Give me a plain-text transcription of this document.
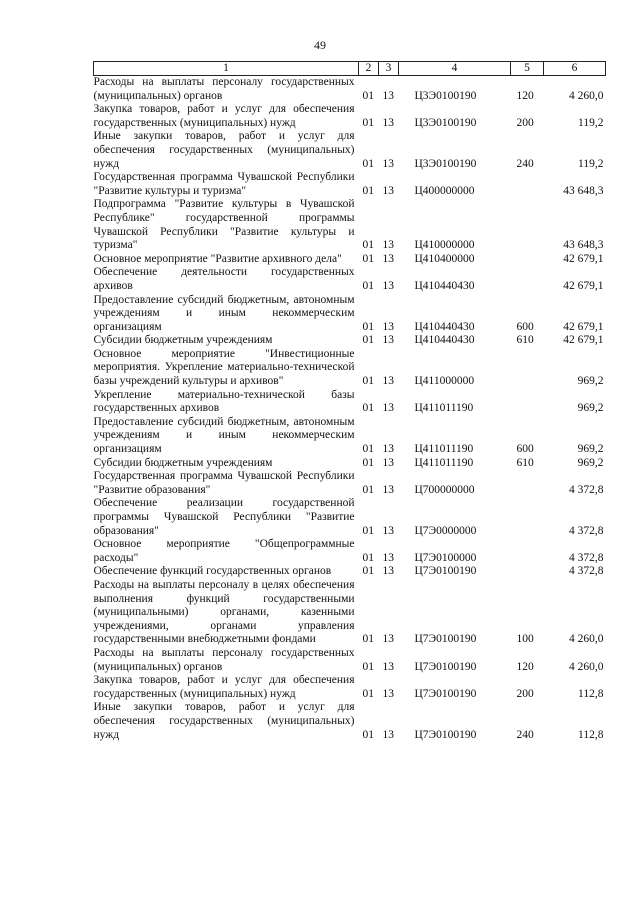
49
1	2	3	4	5	6
Расходы на выплаты персоналу государственных (муниципальных) органов	01	13	Ц3Э0100190	120	4 260,0
Закупка товаров, работ и услуг для обеспечения государственных (муниципальных) нужд	01	13	Ц3Э0100190	200	119,2
Иные закупки товаров, работ и услуг для обеспечения государственных (муниципальных) нужд	01	13	Ц3Э0100190	240	119,2
Государственная программа Чувашской Республики "Развитие культуры и туризма"	01	13	Ц400000000		43 648,3
Подпрограмма "Развитие культуры в Чувашской Республике" государственной программы Чувашской Республики "Развитие культуры и туризма"	01	13	Ц410000000		43 648,3
Основное мероприятие "Развитие архивного дела"	01	13	Ц410400000		42 679,1
Обеспечение деятельности государственных архивов	01	13	Ц410440430		42 679,1
Предоставление субсидий бюджетным, автономным учреждениям и иным некоммерческим организациям	01	13	Ц410440430	600	42 679,1
Субсидии бюджетным учреждениям	01	13	Ц410440430	610	42 679,1
Основное мероприятие "Инвестиционные мероприятия. Укрепление материально-технической базы учреждений культуры и архивов"	01	13	Ц411000000		969,2
Укрепление материально-технической базы государственных архивов	01	13	Ц411011190		969,2
Предоставление субсидий бюджетным, автономным учреждениям и иным некоммерческим организациям	01	13	Ц411011190	600	969,2
Субсидии бюджетным учреждениям	01	13	Ц411011190	610	969,2
Государственная программа Чувашской Республики "Развитие образования"	01	13	Ц700000000		4 372,8
Обеспечение реализации государственной программы Чувашской Республики "Развитие образования"	01	13	Ц7Э0000000		4 372,8
Основное мероприятие "Общепрограммные расходы"	01	13	Ц7Э0100000		4 372,8
Обеспечение функций государственных органов	01	13	Ц7Э0100190		4 372,8
Расходы на выплаты персоналу в целях обеспечения выполнения функций государственными (муниципальными) органами, казенными учреждениями, органами управления государственными внебюджетными фондами	01	13	Ц7Э0100190	100	4 260,0
Расходы на выплаты персоналу государственных (муниципальных) органов	01	13	Ц7Э0100190	120	4 260,0
Закупка товаров, работ и услуг для обеспечения государственных (муниципальных) нужд	01	13	Ц7Э0100190	200	112,8
Иные закупки товаров, работ и услуг для обеспечения государственных (муниципальных) нужд	01	13	Ц7Э0100190	240	112,8
